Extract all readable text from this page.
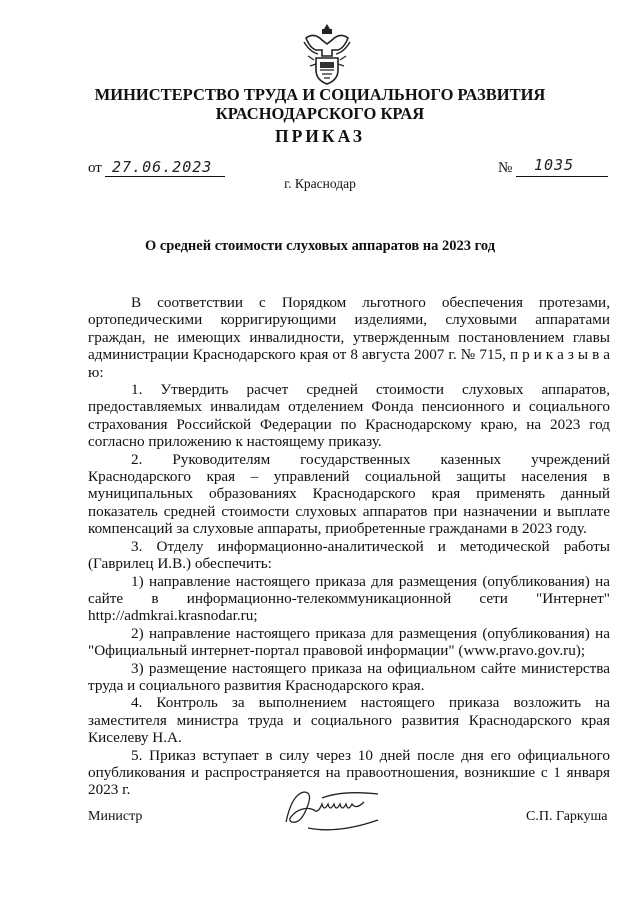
МИНИСТЕРСТВО ТРУДА И СОЦИАЛЬНОГО РАЗВИТИЯ
КРАСНОДАРСКОГО КРАЯ
ПРИКАЗ
от 27.06.2023	№ 1035
г. Краснодар
О средней стоимости слуховых аппаратов на 2023 год

В соответствии с Порядком льготного обеспечения протезами, ортопедическими корригирующими изделиями, слуховыми аппаратами граждан, не имеющих инвалидности, утвержденным постановлением главы администрации Краснодарского края от 8 августа 2007 г. № 715, п р и к а з ы в а ю:

1. Утвердить расчет средней стоимости слуховых аппаратов, предоставляемых инвалидам отделением Фонда пенсионного и социального страхования Российской Федерации по Краснодарскому краю, на 2023 год согласно приложению к настоящему приказу.

2. Руководителям государственных казенных учреждений Краснодарского края – управлений социальной защиты населения в муниципальных образованиях Краснодарского края применять данный показатель средней стоимости слуховых аппаратов при назначении и выплате компенсаций за слуховые аппараты, приобретенные гражданами в 2023 году.

3. Отделу информационно-аналитической и методической работы (Гаврилец И.В.) обеспечить:

1) направление настоящего приказа для размещения (опубликования) на сайте в информационно-телекоммуникационной сети "Интернет" http://admkrai.krasnodar.ru;

2) направление настоящего приказа для размещения (опубликования) на "Официальный интернет-портал правовой информации" (www.pravo.gov.ru);

3) размещение настоящего приказа на официальном сайте министерства труда и социального развития Краснодарского края.

4. Контроль за выполнением настоящего приказа возложить на заместителя министра труда и социального развития Краснодарского края Киселеву Н.А.

5. Приказ вступает в силу через 10 дней после дня его официального опубликования и распространяется на правоотношения, возникшие с 1 января 2023 г.

Министр	С.П. Гаркуша
